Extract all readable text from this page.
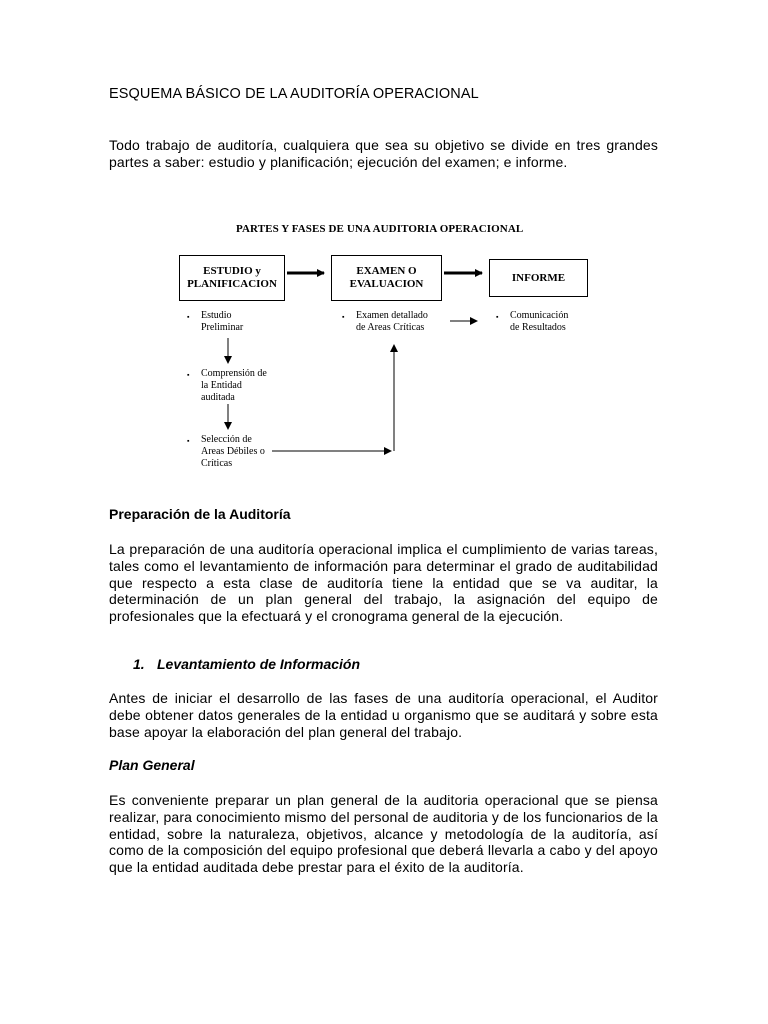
ESQUEMA BÁSICO DE LA AUDITORÍA OPERACIONAL
Todo trabajo de auditoría, cualquiera que sea su objetivo se divide en tres grandes partes a saber: estudio y planificación; ejecución del examen; e informe.
PARTES Y FASES DE UNA AUDITORIA OPERACIONAL
ESTUDIO y
PLANIFICACION
EXAMEN O
EVALUACION
INFORME
▪ Estudio
Preliminar
▪ Comprensión de
la Entidad
auditada
▪ Selección de
Areas Débiles o
Críticas
▪ Examen detallado
de Areas Críticas
▪ Comunicación
de Resultados
Preparación de la Auditoría
La preparación de una auditoría operacional implica el cumplimiento de varias tareas, tales como el levantamiento de información para determinar el grado de auditabilidad que respecto a esta clase de auditoría tiene la entidad que se va auditar, la determinación de un plan general del trabajo, la asignación del equipo de profesionales que la efectuará y el cronograma general de la ejecución.
1. Levantamiento de Información
Antes de iniciar el desarrollo de las fases de una auditoría operacional, el Auditor debe obtener datos generales de la entidad u organismo que se auditará y sobre esta base apoyar la elaboración del plan general del trabajo.
Plan General
Es conveniente preparar un plan general de la auditoria operacional que se piensa realizar, para conocimiento mismo del personal de auditoria y de los funcionarios de la entidad, sobre la naturaleza, objetivos, alcance y metodología de la auditoría, así como de la composición del equipo profesional que deberá llevarla a cabo y del apoyo que la entidad auditada debe prestar para el éxito de la auditoría.
